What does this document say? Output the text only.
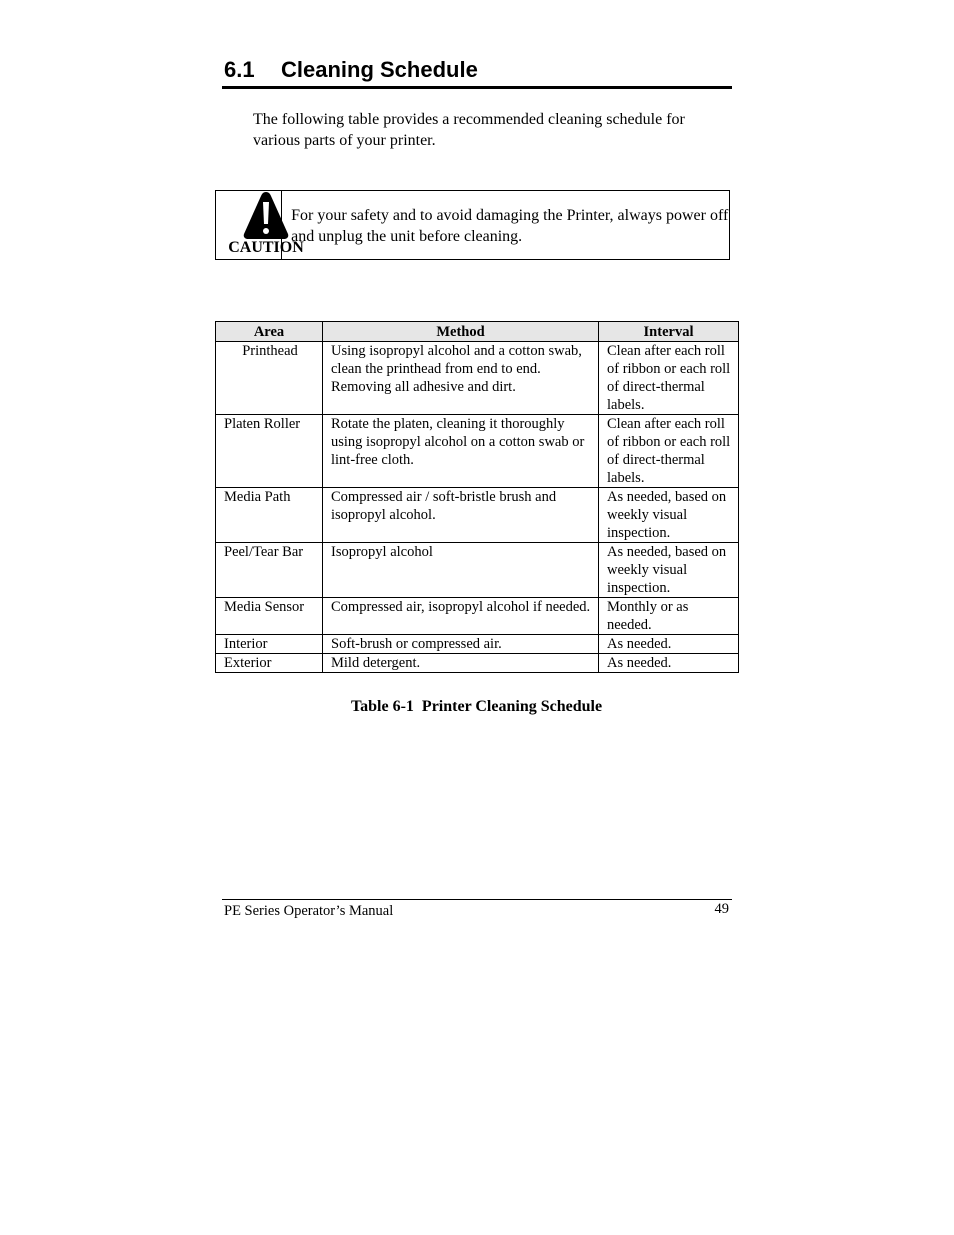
6.1 Cleaning Schedule

The following table provides a recommended cleaning schedule for various parts of your printer.

CAUTION
For your safety and to avoid damaging the Printer, always power off and unplug the unit before cleaning.
Area	Method	Interval
Printhead	Using isopropyl alcohol and a cotton swab, clean the printhead from end to end. Removing all adhesive and dirt.	Clean after each roll of ribbon or each roll of direct-thermal labels.
Platen Roller	Rotate the platen, cleaning it thoroughly using isopropyl alcohol on a cotton swab or lint-free cloth.	Clean after each roll of ribbon or each roll of direct-thermal labels.
Media Path	Compressed air / soft-bristle brush and isopropyl alcohol.	As needed, based on weekly visual inspection.
Peel/Tear Bar	Isopropyl alcohol	As needed, based on weekly visual inspection.
Media Sensor	Compressed air, isopropyl alcohol if needed.	Monthly or as needed.
Interior	Soft-brush or compressed air.	As needed.
Exterior	Mild detergent.	As needed.
Table 6-1  Printer Cleaning Schedule
PE Series Operator’s Manual	49
